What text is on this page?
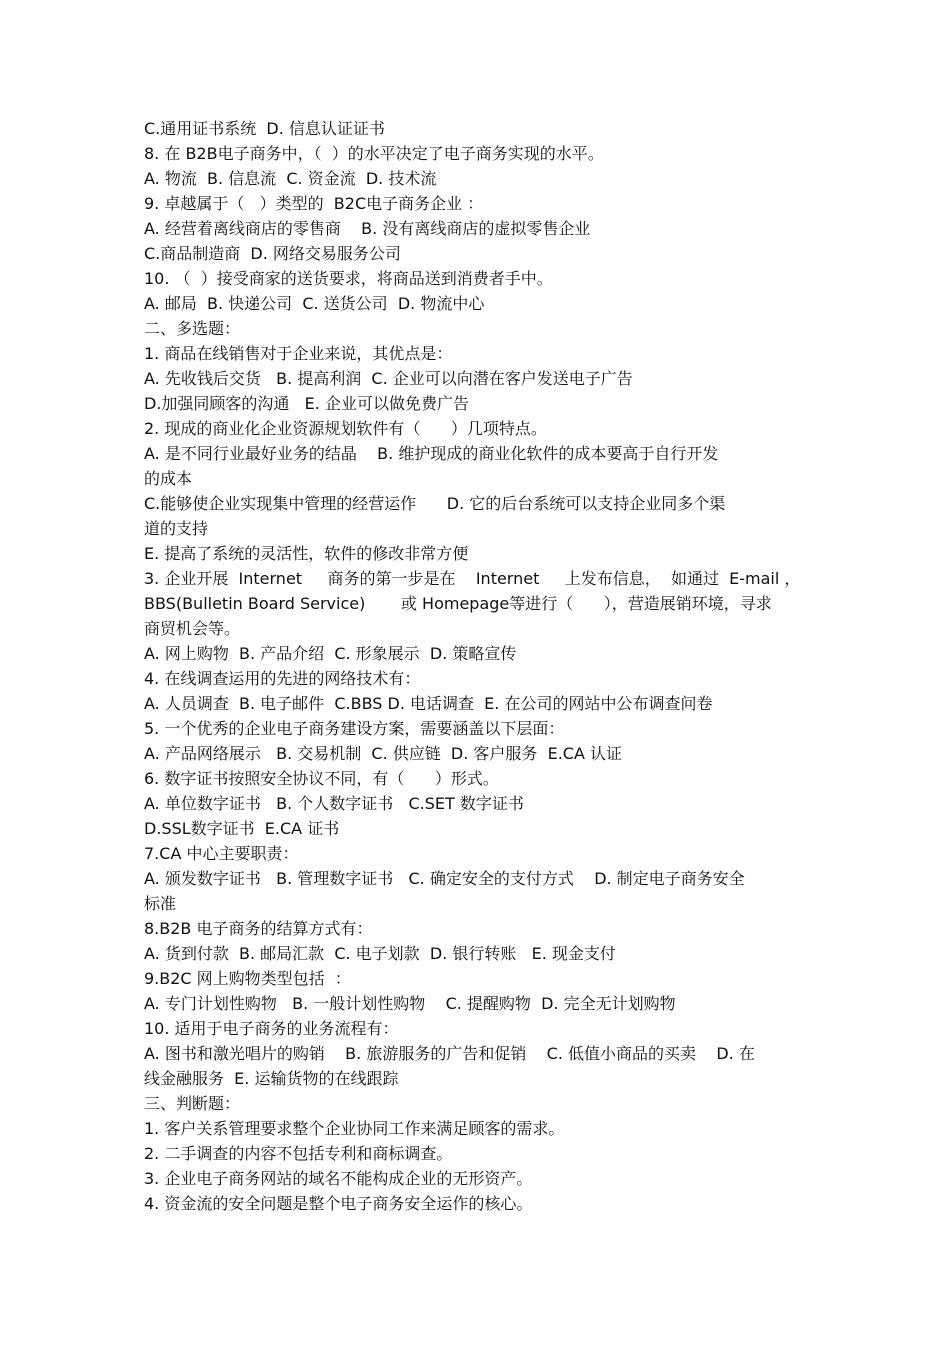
C.通用证书系统  D. 信息认证证书
8. 在 B2B电子商务中，（  ）的水平决定了电子商务实现的水平。
A. 物流  B. 信息流  C. 资金流  D. 技术流
9. 卓越属于（   ）类型的  B2C电子商务企业 ：
A. 经营着离线商店的零售商    B. 没有离线商店的虚拟零售企业
C.商品制造商  D. 网络交易服务公司
10. （  ）接受商家的送货要求，将商品送到消费者手中。
A. 邮局  B. 快递公司  C. 送货公司  D. 物流中心
二、多选题：
1. 商品在线销售对于企业来说，其优点是：
A. 先收钱后交货   B. 提高利润  C. 企业可以向潜在客户发送电子广告
D.加强同顾客的沟通   E. 企业可以做免费广告
2. 现成的商业化企业资源规划软件有（      ）几项特点。
A. 是不同行业最好业务的结晶    B. 维护现成的商业化软件的成本要高于自行开发
的成本
C.能够使企业实现集中管理的经营运作      D. 它的后台系统可以支持企业同多个渠
道的支持
E. 提高了系统的灵活性，软件的修改非常方便
3. 企业开展  Internet     商务的第一步是在    Internet     上发布信息，  如通过  E-mail ，
BBS(Bulletin Board Service)       或 Homepage等进行（      ），营造展销环境，寻求
商贸机会等。
A. 网上购物  B. 产品介绍  C. 形象展示  D. 策略宣传
4. 在线调查运用的先进的网络技术有：
A. 人员调查  B. 电子邮件  C.BBS D. 电话调查  E. 在公司的网站中公布调查问卷
5. 一个优秀的企业电子商务建设方案，需要涵盖以下层面：
A. 产品网络展示   B. 交易机制  C. 供应链  D. 客户服务  E.CA 认证
6. 数字证书按照安全协议不同，有（      ）形式。
A. 单位数字证书   B. 个人数字证书   C.SET 数字证书
D.SSL数字证书  E.CA 证书
7.CA 中心主要职责：
A. 颁发数字证书   B. 管理数字证书   C. 确定安全的支付方式    D. 制定电子商务安全
标准
8.B2B 电子商务的结算方式有：
A. 货到付款  B. 邮局汇款  C. 电子划款  D. 银行转账   E. 现金支付
9.B2C 网上购物类型包括  ：
A. 专门计划性购物   B. 一般计划性购物    C. 提醒购物  D. 完全无计划购物
10. 适用于电子商务的业务流程有：
A. 图书和激光唱片的购销    B. 旅游服务的广告和促销    C. 低值小商品的买卖    D. 在
线金融服务  E. 运输货物的在线跟踪
三、判断题：
1. 客户关系管理要求整个企业协同工作来满足顾客的需求。
2. 二手调查的内容不包括专利和商标调查。
3. 企业电子商务网站的域名不能构成企业的无形资产。
4. 资金流的安全问题是整个电子商务安全运作的核心。
